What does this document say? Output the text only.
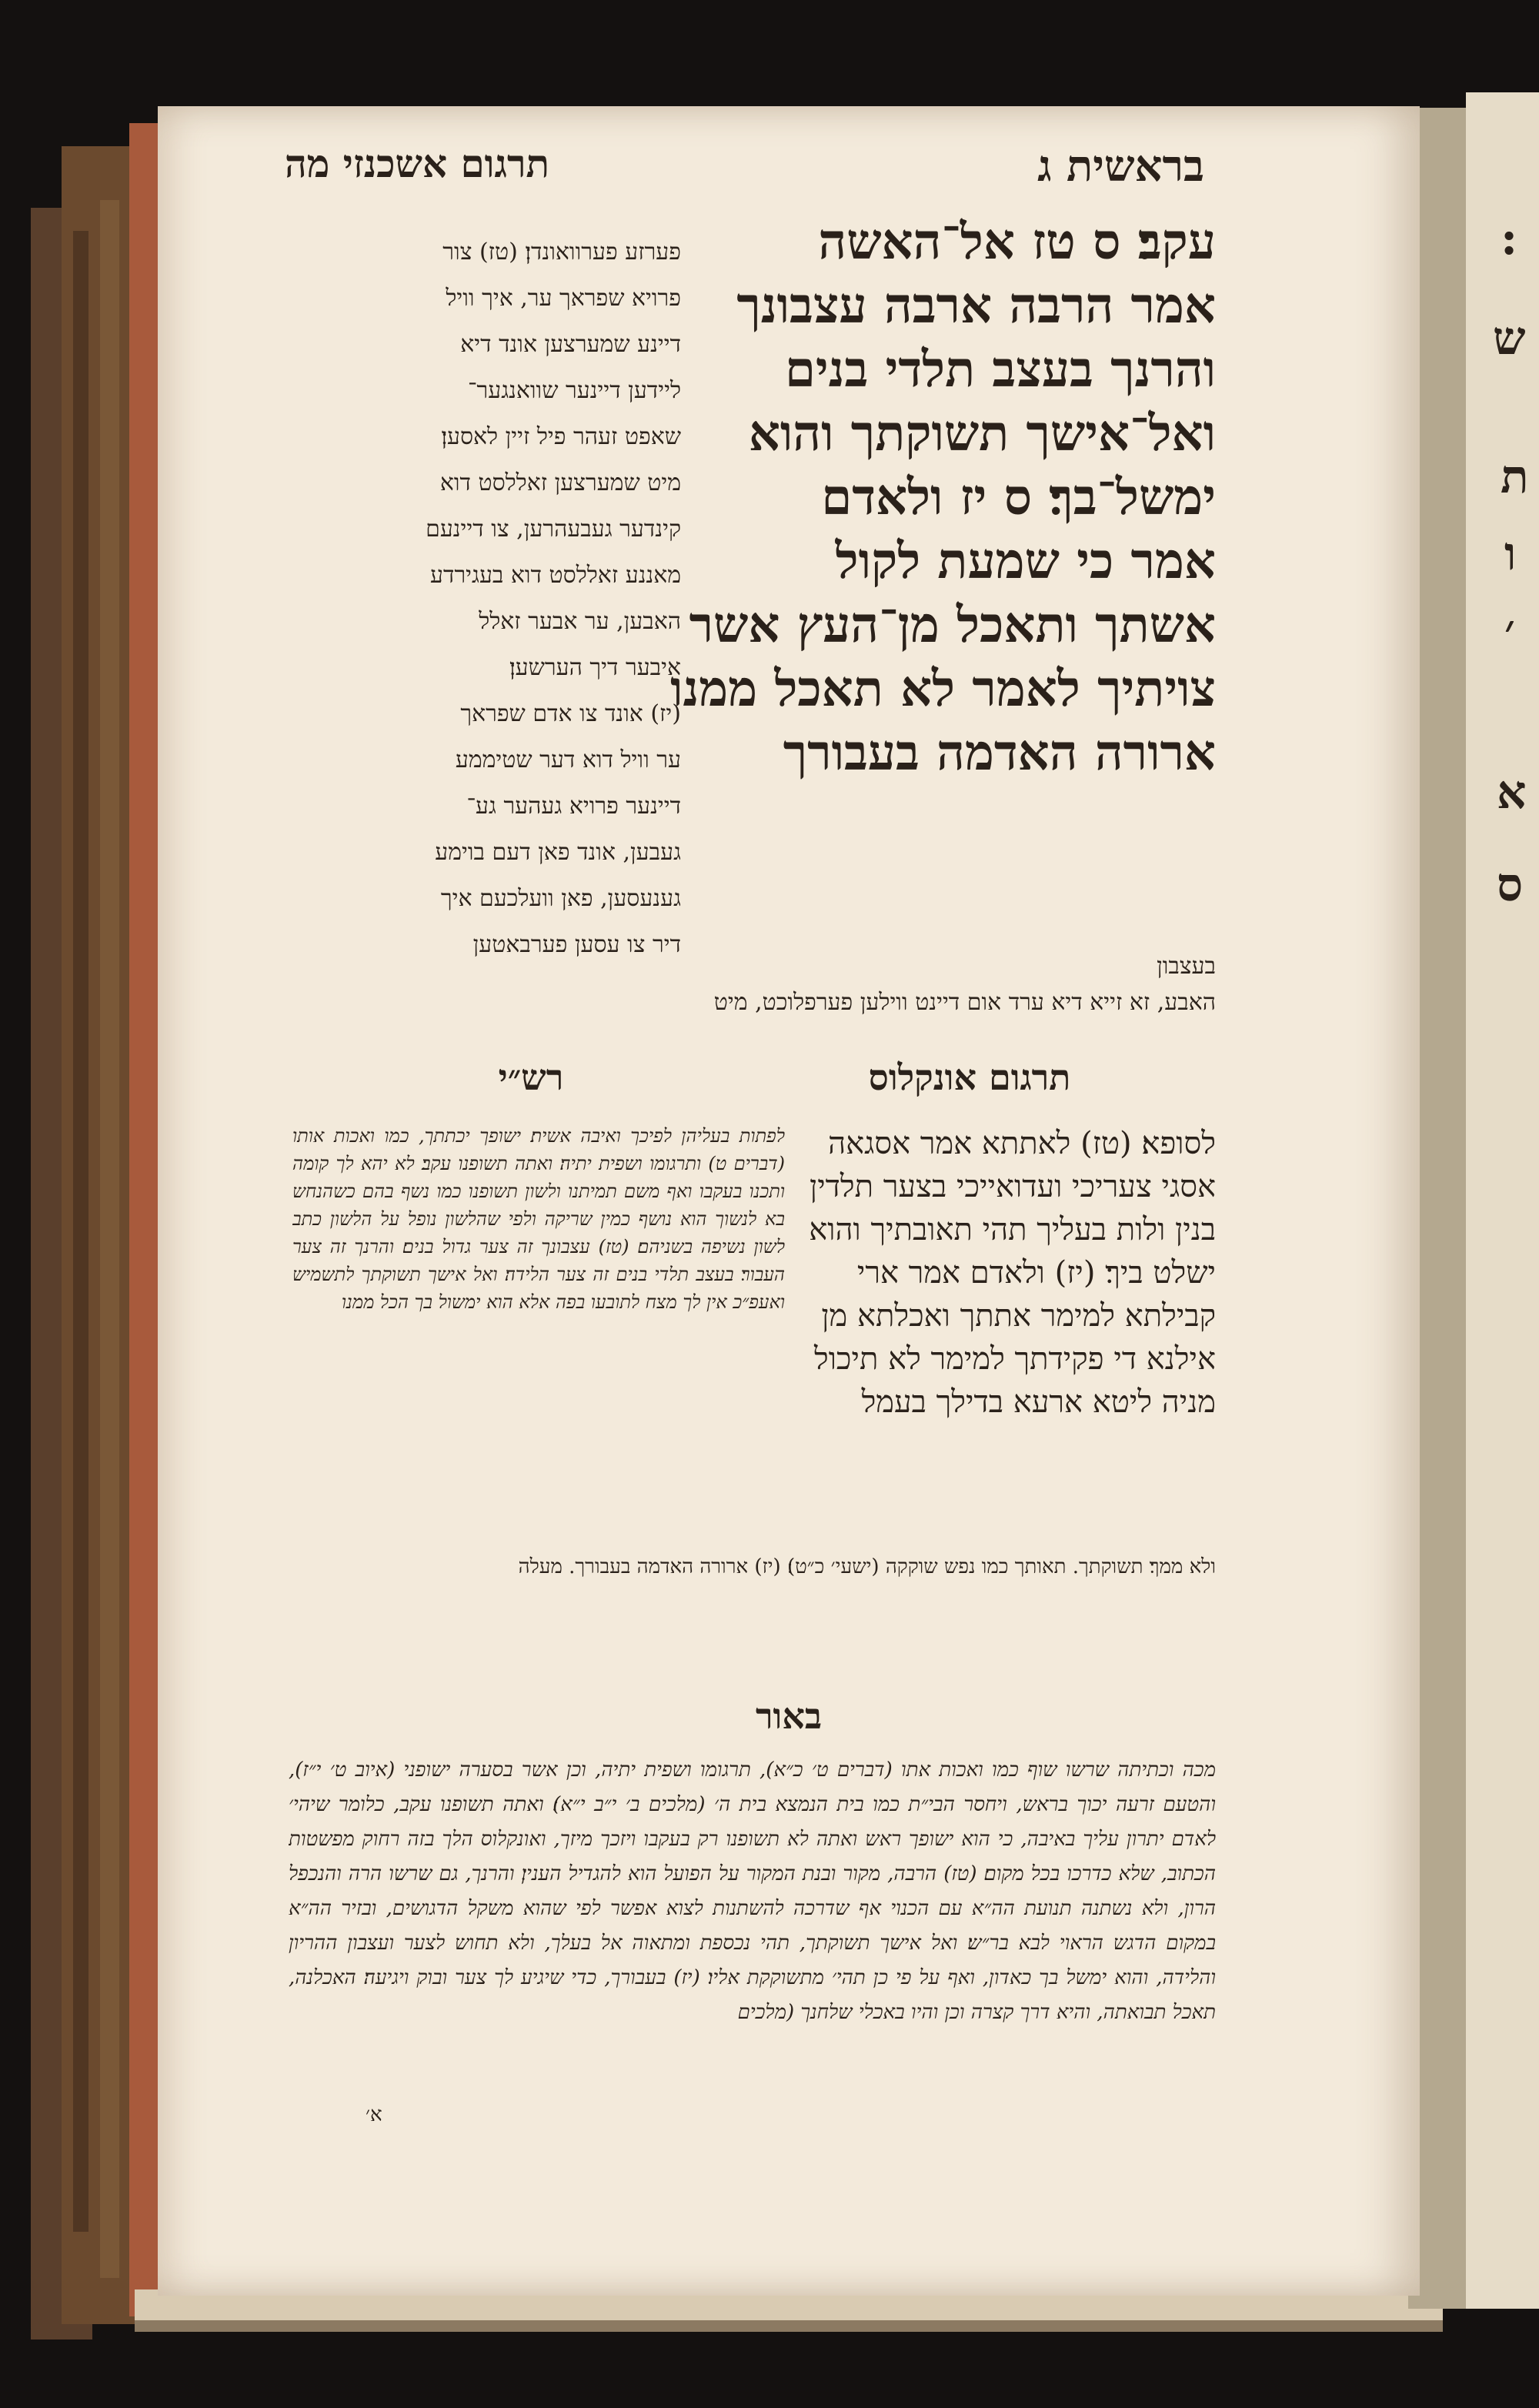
:
ש
ת
ו
׳
א
ס
בראשית ג
תרגום אשכנזי מה
עקב׃ ס טז אל־האשה
אמר הרבה ארבה עצבונך
והרנך בעצב תלדי בנים
ואל־אישך תשוקתך והוא
ימשל־בך׃ ס יז ולאדם
אמר כי שמעת לקול
אשתך ותאכל מן־העץ אשר
צויתיך לאמר לא תאכל ממנו
ארורה האדמה בעבורך
בעצבון
פערזע פערוואונדן׃ (טז) צור
פרויא שפראך ער, איך וויל
דיינע שמערצען אונד דיא
ליידען דיינער שוואנגער־
שאפט זעהר פיל זיין לאסען׃
מיט שמערצען זאללסט דוא
קינדער געבעהרען, צו דיינעם
מאננע זאללסט דוא בעגירדע
האבען, ער אבער זאלל
איבער דיך הערשען׃
(יז) אונד צו אדם שפראך
ער וויל דוא דער שטיממע
דיינער פרויא געהער גע־
געבען, אונד פאן דעם בוימע
גענעסען, פאן וועלכעם איך
דיר צו עסען פערבאטען
האבע, זא זייא דיא ערד אום דיינט ווילען פערפלוכט, מיט
תרגום אונקלוס
רש״י
לסופא׃ (טז) לאתתא אמר אסגאה
אסגי צעריכי ועדואייכי בצער תלדין
בנין ולות בעליך תהי תאובתיך והוא
ישלט ביך׃ (יז) ולאדם אמר ארי
קבילתא למימר אתתך ואכלתא מן
אילנא די פקידתך למימר לא תיכול
מניה ליטא ארעא בדילך בעמל
לפתות בעליהן לפיכך ואיבה אשית׃ ישופך יכתתך, כמו ואכות אותו (דברים ט) ותרגומו ושפית יתיה׃ ואתה תשופנו עקב׃ לא יהא לך קומה ותכנו בעקבו ואף משם תמיתנו ולשון תשופנו כמו נשף בהם כשהנחש בא לנשוך הוא נושף כמין שריקה ולפי שהלשון נופל על הלשון כתב לשון נשיפה בשניהם׃ (טז) עצבונך זה צער גדול בנים׃ והרנך זה צער העבור׃ בעצב תלדי בנים זה צער הלידה׃ ואל אישך תשוקתך לתשמיש ואעפ״כ אין לך מצח לתובעו בפה אלא הוא ימשול בך הכל ממנו
ולא ממך׃ תשוקתך. תאותך כמו נפש שוקקה (ישעי׳ כ״ט)׃ (יז) ארורה האדמה בעבורך. מעלה
באור
מכה וכתיתה שרשו שוף כמו ואכות אתו (דברים ט׳ כ״א), תרגומו ושפית יתיה, וכן אשר בסערה ישופני (איוב ט׳ י״ז), והטעם זרעה יכוך בראש, ויחסר הבי״ת כמו בית הנמצא בית ה׳ (מלכים ב׳ י״ב י״א)׃ ואתה תשופנו עקב, כלומר שיהי׳ לאדם יתרון עליך באיבה, כי הוא ישופך ראש ואתה לא תשופנו רק בעקבו ויזכך מיזך, ואונקלוס הלך בזה רחוק מפשטות הכתוב, שלא כדרכו בכל מקום׃ (טז) הרבה, מקור ובנת המקור על הפועל הוא להגדיל הענין׃ והרנך, גם שרשו הרה והנכפל הרון, ולא נשתנה תנועת הה״א עם הכנוי אף שדרכה להשתנות לצוא אפשר לפי שהוא משקל הדגושים, ובזיר הה״א במקום הדגש הראוי לבא בר״ש׃ ואל אישך תשוקתך, תהי נכספת ומתאוה אל בעלך, ולא תחוש לצער ועצבון ההריון והלידה, והוא ימשל בך כאדון, ואף על פי כן תהי׳ מתשוקקת אליו׃ (יז) בעבורך, כדי שיגיע לך צער ובוק ויגיעה׃ האכלנה, תאכל תבואתה, והיא דרך קצרה וכן והיו באכלי שלחנך (מלכים
א׳
